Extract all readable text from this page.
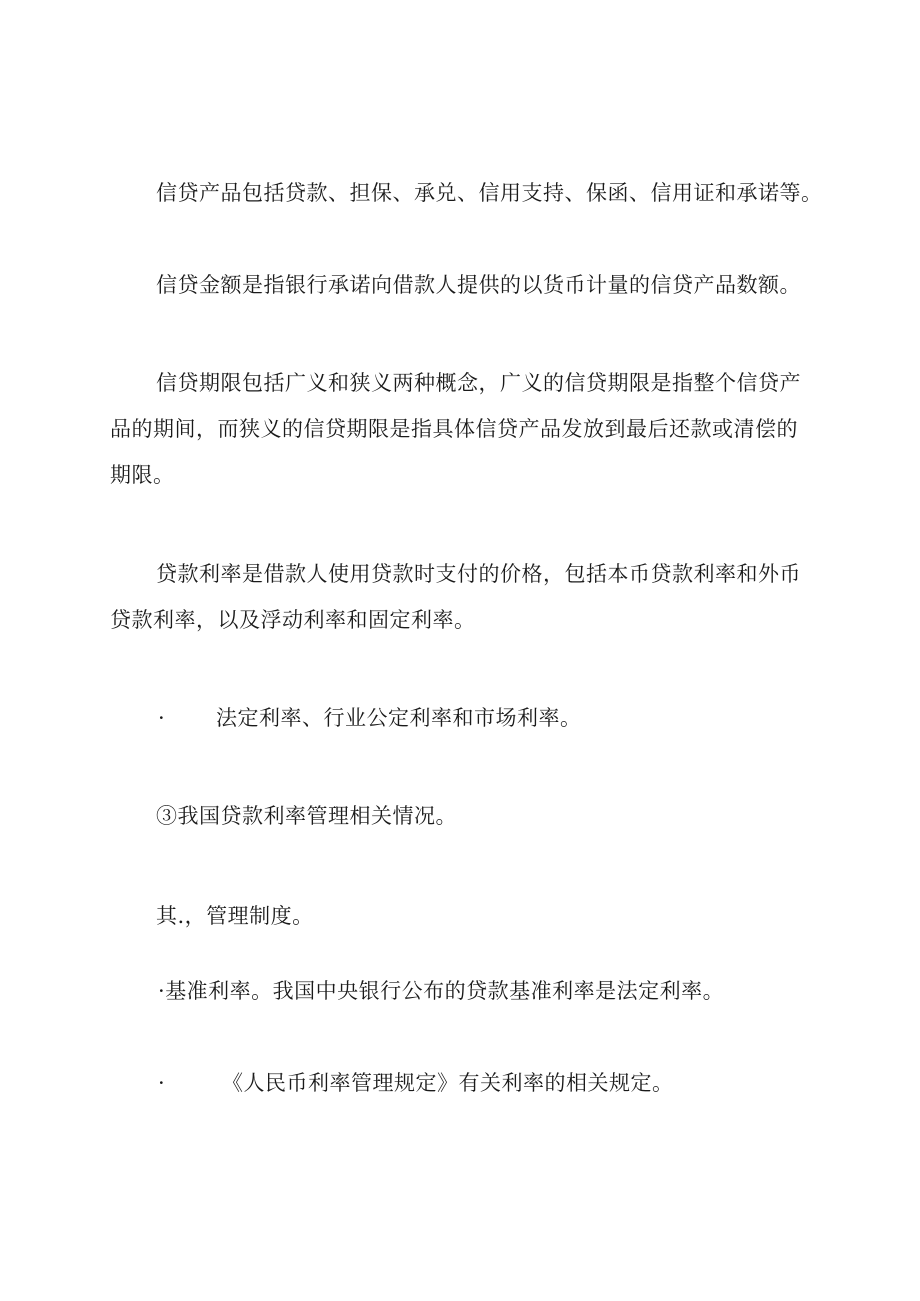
信贷产品包括贷款、担保、承兑、信用支持、保函、信用证和承诺等。

信贷金额是指银行承诺向借款人提供的以货币计量的信贷产品数额。

信贷期限包括广义和狭义两种概念，广义的信贷期限是指整个信贷产
品的期间，而狭义的信贷期限是指具体信贷产品发放到最后还款或清偿的
期限。

贷款利率是借款人使用贷款时支付的价格，包括本币贷款利率和外币
贷款利率，以及浮动利率和固定利率。

· 法定利率、行业公定利率和市场利率。
③我国贷款利率管理相关情况。
其.，管理制度。
·基准利率。我国中央银行公布的贷款基准利率是法定利率。
·	《人民币利率管理规定》有关利率的相关规定。
